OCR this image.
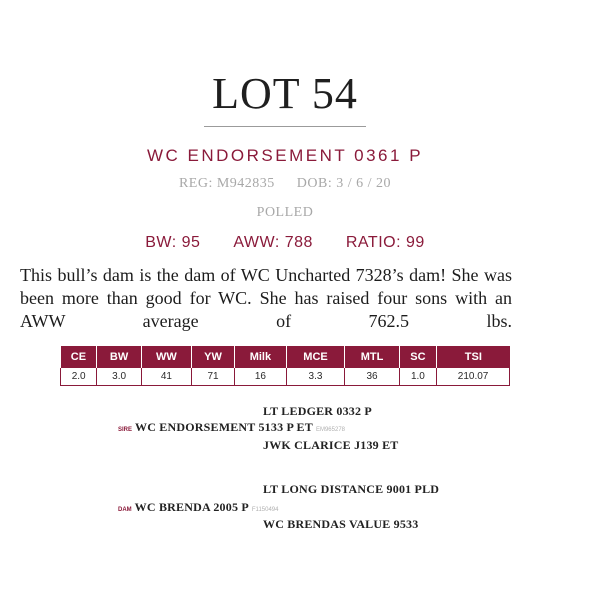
LOT 54
WC ENDORSEMENT 0361 P
REG: M942835 DOB: 3 / 6 / 20
POLLED
BW: 95 AWW: 788 RATIO: 99
This bull’s dam is the dam of WC Uncharted 7328’s dam! She was been more than good for WC. She has raised four sons with an AWW average of 762.5 lbs.
CE	BW	WW	YW	Milk	MCE	MTL	SC	TSI
2.0	3.0	41	71	16	3.3	36	1.0	210.07
LT LEDGER 0332 P
SIRE WC ENDORSEMENT 5133 P ET EM965278
JWK CLARICE J139 ET
LT LONG DISTANCE 9001 PLD
DAM WC BRENDA 2005 P F1150494
WC BRENDAS VALUE 9533
